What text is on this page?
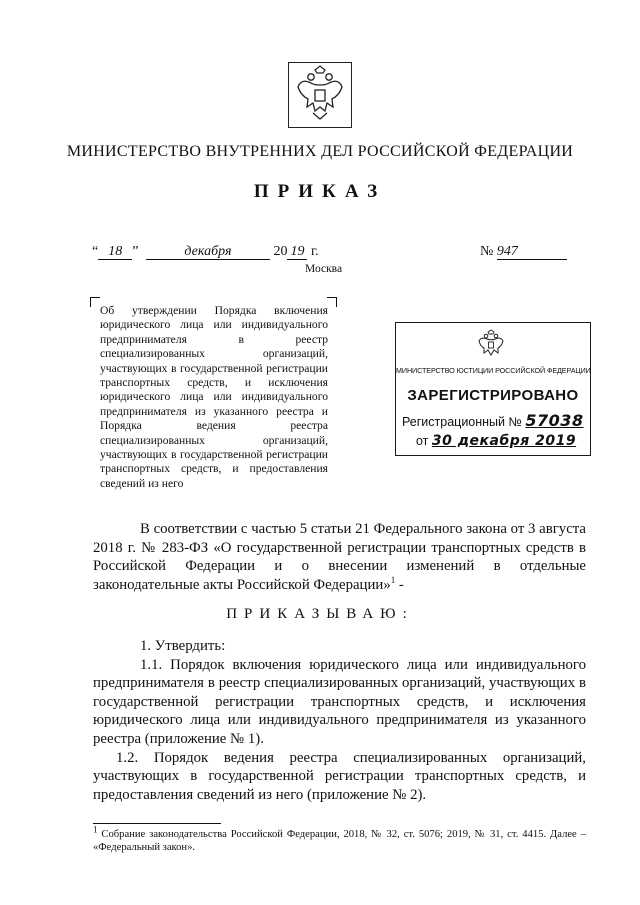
МИНИСТЕРСТВО ВНУТРЕННИХ ДЕЛ РОССИЙСКОЙ ФЕДЕРАЦИИ
ПРИКАЗ
“ 18 ”	декабря	20 19 г.	№ 947
Москва

Об утверждении Порядка включения юридического лица или индивидуального предпринимателя в реестр специализированных организаций, участвующих в государственной регистрации транспортных средств, и исключения юридического лица или индивидуального предпринимателя из указанного реестра и Порядка ведения реестра специализированных организаций, участвующих в государственной регистрации транспортных средств, и предоставления сведений из него

МИНИСТЕРСТВО ЮСТИЦИИ РОССИЙСКОЙ ФЕДЕРАЦИИ
ЗАРЕГИСТРИРОВАНО
Регистрационный № 57038
от 30 декабря 2019

В соответствии с частью 5 статьи 21 Федерального закона от 3 августа 2018 г. № 283-ФЗ «О государственной регистрации транспортных средств в Российской Федерации и о внесении изменений в отдельные законодательные акты Российской Федерации»$^1$ -

ПРИКАЗЫВАЮ:

1. Утвердить:

1.1. Порядок включения юридического лица или индивидуального предпринимателя в реестр специализированных организаций, участвующих в государственной регистрации транспортных средств, и исключения юридического лица или индивидуального предпринимателя из указанного реестра (приложение № 1).

1.2. Порядок ведения реестра специализированных организаций, участвующих в государственной регистрации транспортных средств, и предоставления сведений из него (приложение № 2).

$^1$ Собрание законодательства Российской Федерации, 2018, № 32, ст. 5076; 2019, № 31, ст. 4415. Далее – «Федеральный закон».
